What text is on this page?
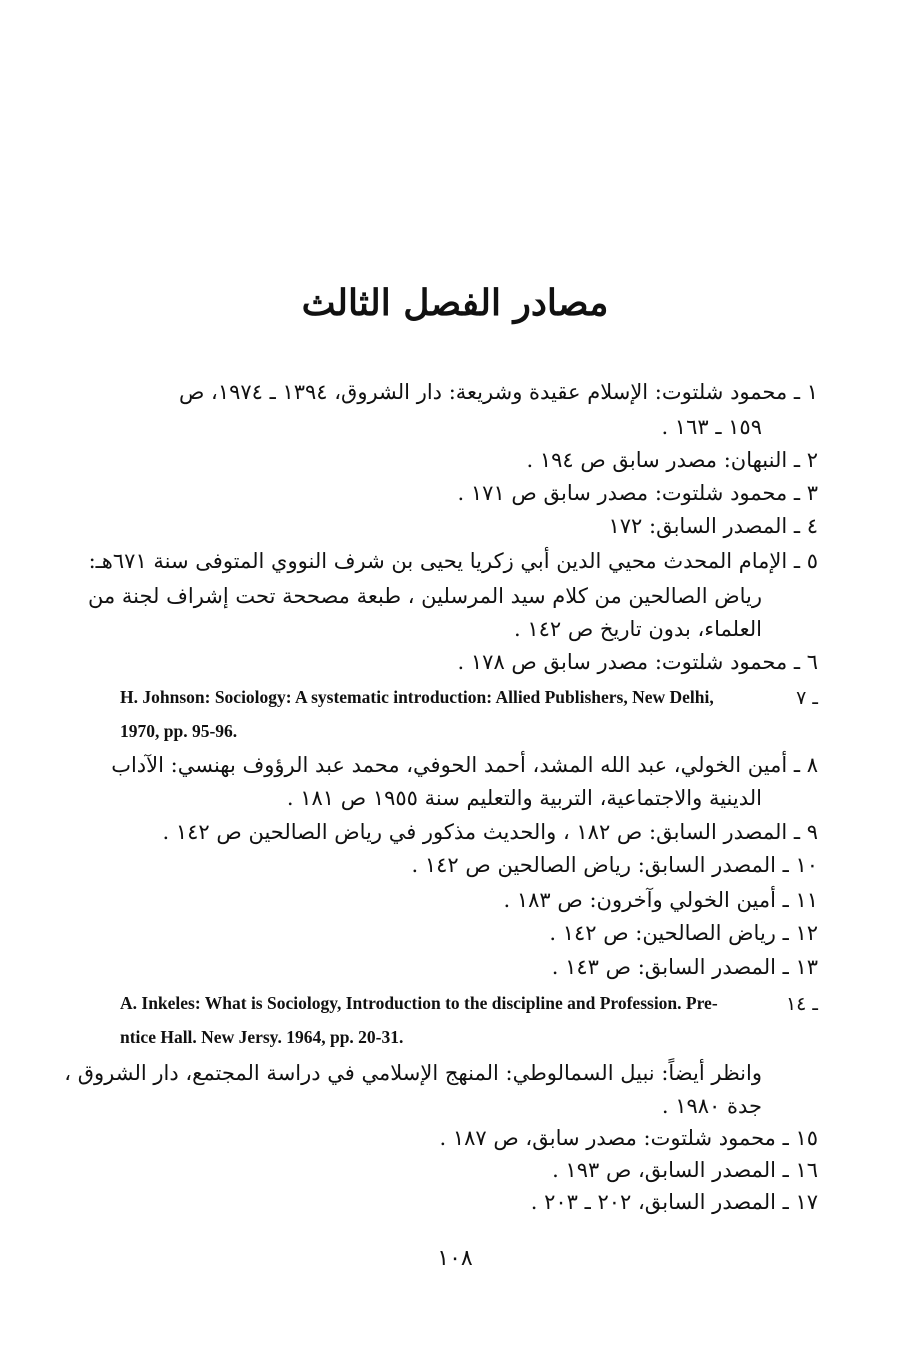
مصادر الفصل الثالث
١ ـ محمود شلتوت: الإسلام عقيدة وشريعة: دار الشروق، ١٣٩٤ ـ ١٩٧٤، ص
١٥٩ ـ ١٦٣ .
٢ ـ النبهان: مصدر سابق ص ١٩٤ .
٣ ـ محمود شلتوت: مصدر سابق ص ١٧١ .
٤ ـ المصدر السابق: ١٧٢
٥ ـ الإمام المحدث محيي الدين أبي زكريا يحيى بن شرف النووي المتوفى سنة ٦٧١هـ:
رياض الصالحين من كلام سيد المرسلين ، طبعة مصححة تحت إشراف لجنة من
العلماء، بدون تاريخ ص ١٤٢ .
٦ ـ محمود شلتوت: مصدر سابق ص ١٧٨ .
ـ ٧
H. Johnson: Sociology: A systematic introduction: Allied Publishers, New Delhi,
1970, pp. 95-96.
٨ ـ أمين الخولي، عبد الله المشد، أحمد الحوفي، محمد عبد الرؤوف بهنسي: الآداب
الدينية والاجتماعية، التربية والتعليم سنة ١٩٥٥ ص ١٨١ .
٩ ـ المصدر السابق: ص ١٨٢ ، والحديث مذكور في رياض الصالحين ص ١٤٢ .
١٠ ـ المصدر السابق: رياض الصالحين ص ١٤٢ .
١١ ـ أمين الخولي وآخرون: ص ١٨٣ .
١٢ ـ رياض الصالحين: ص ١٤٢ .
١٣ ـ المصدر السابق: ص ١٤٣ .
ـ ١٤
A. Inkeles: What is Sociology, Introduction to the discipline and Profession. Pre-
ntice Hall. New Jersy. 1964, pp. 20-31.
وانظر أيضاً: نبيل السمالوطي: المنهج الإسلامي في دراسة المجتمع، دار الشروق ،
جدة ١٩٨٠ .
١٥ ـ محمود شلتوت: مصدر سابق، ص ١٨٧ .
١٦ ـ المصدر السابق، ص ١٩٣ .
١٧ ـ المصدر السابق، ٢٠٢ ـ ٢٠٣ .
١٠٨
